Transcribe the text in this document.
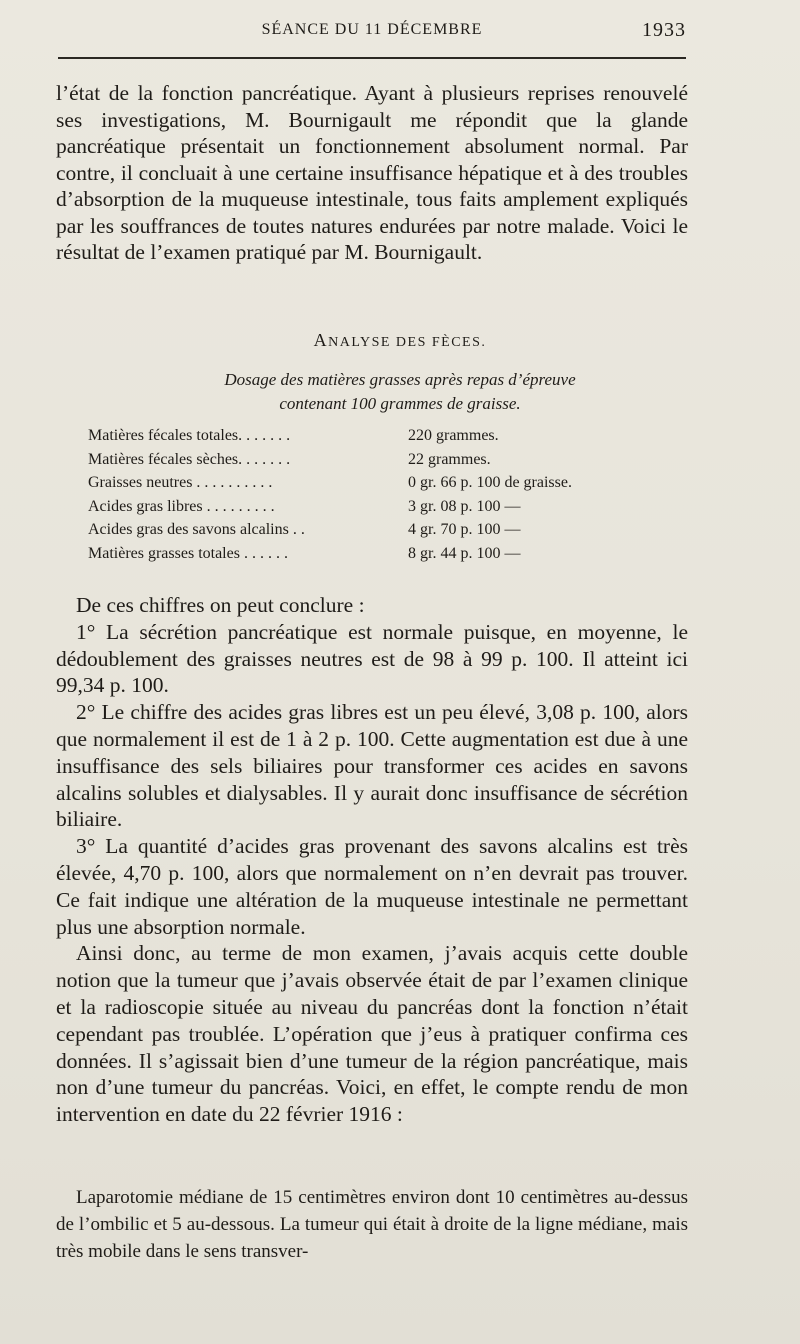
SÉANCE DU 11 DÉCEMBRE	1933

l’état de la fonction pancréatique. Ayant à plusieurs reprises renouvelé ses investigations, M. Bournigault me répondit que la glande pancréatique présentait un fonctionnement absolument normal. Par contre, il concluait à une certaine insuffisance hépatique et à des troubles d’absorption de la muqueuse intestinale, tous faits amplement expliqués par les souffrances de toutes natures endurées par notre malade. Voici le résultat de l’examen pratiqué par M. Bournigault.

ANALYSE DES FÈCES.
Dosage des matières grasses après repas d’épreuve
contenant 100 grammes de graisse.
Matières fécales totales. . . . . . .	220 grammes.
Matières fécales sèches. . . . . . .	22 grammes.
Graisses neutres . . . . . . . . . .	0 gr. 66 p. 100 de graisse.
Acides gras libres . . . . . . . . .	3 gr. 08 p. 100 —
Acides gras des savons alcalins . .	4 gr. 70 p. 100 —
Matières grasses totales . . . . . .	8 gr. 44 p. 100 —

De ces chiffres on peut conclure :

1° La sécrétion pancréatique est normale puisque, en moyenne, le dédoublement des graisses neutres est de 98 à 99 p. 100. Il atteint ici 99,34 p. 100.

2° Le chiffre des acides gras libres est un peu élevé, 3,08 p. 100, alors que normalement il est de 1 à 2 p. 100. Cette augmentation est due à une insuffisance des sels biliaires pour transformer ces acides en savons alcalins solubles et dialysables. Il y aurait donc insuffisance de sécrétion biliaire.

3° La quantité d’acides gras provenant des savons alcalins est très élevée, 4,70 p. 100, alors que normalement on n’en devrait pas trouver. Ce fait indique une altération de la muqueuse intestinale ne permettant plus une absorption normale.

Ainsi donc, au terme de mon examen, j’avais acquis cette double notion que la tumeur que j’avais observée était de par l’examen clinique et la radioscopie située au niveau du pancréas dont la fonction n’était cependant pas troublée. L’opération que j’eus à pratiquer confirma ces données. Il s’agissait bien d’une tumeur de la région pancréatique, mais non d’une tumeur du pancréas. Voici, en effet, le compte rendu de mon intervention en date du 22 février 1916 :

Laparotomie médiane de 15 centimètres environ dont 10 centimètres au-dessus de l’ombilic et 5 au-dessous. La tumeur qui était à droite de la ligne médiane, mais très mobile dans le sens transver-
